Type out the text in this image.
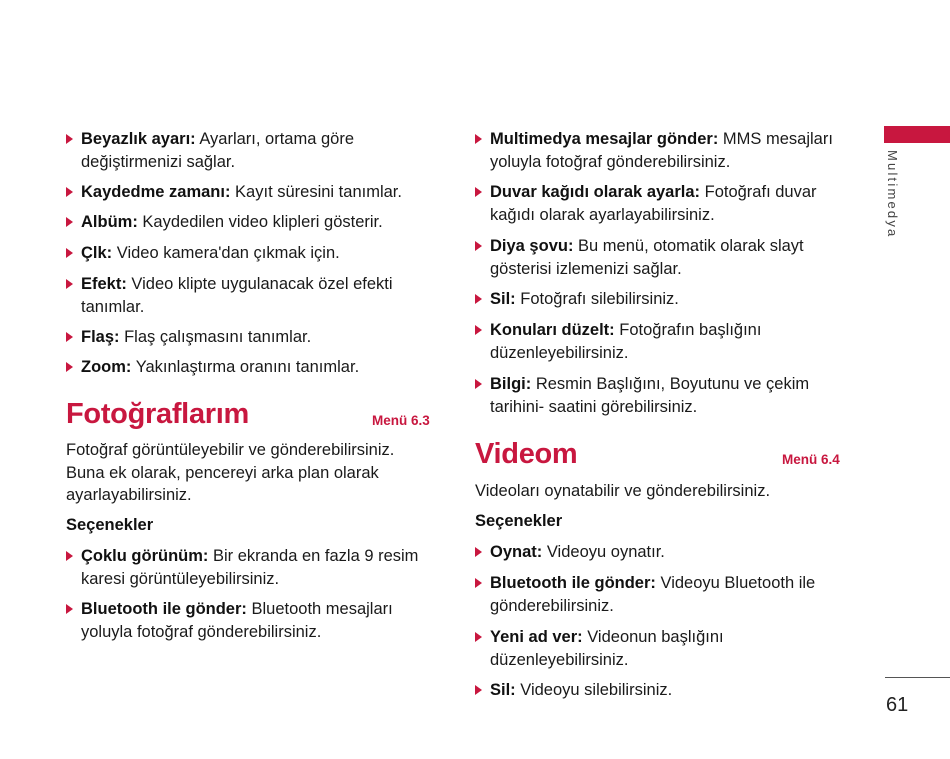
Beyazlık ayarı: Ayarları, ortama göre değiştirmenizi sağlar.
Kaydedme zamanı: Kayıt süresini tanımlar.
Albüm: Kaydedilen video klipleri gösterir.
Çlk: Video kamera'dan çıkmak için.
Efekt: Video klipte uygulanacak özel efekti tanımlar.
Flaş: Flaş çalışmasını tanımlar.
Zoom: Yakınlaştırma oranını tanımlar.
Fotoğraflarım	Menü 6.3
Fotoğraf görüntüleyebilir ve gönderebilirsiniz. Buna ek olarak, pencereyi arka plan olarak ayarlayabilirsiniz.
Seçenekler
Çoklu görünüm: Bir ekranda en fazla 9 resim karesi görüntüleyebilirsiniz.
Bluetooth ile gönder: Bluetooth mesajları yoluyla fotoğraf gönderebilirsiniz.
Multimedya mesajlar gönder: MMS mesajları yoluyla fotoğraf gönderebilirsiniz.
Duvar kağıdı olarak ayarla: Fotoğrafı duvar kağıdı olarak ayarlayabilirsiniz.
Diya şovu: Bu menü, otomatik olarak slayt gösterisi izlemenizi sağlar.
Sil: Fotoğrafı silebilirsiniz.
Konuları düzelt: Fotoğrafın başlığını düzenleyebilirsiniz.
Bilgi: Resmin Başlığını, Boyutunu ve çekim tarihini- saatini görebilirsiniz.
Videom	Menü 6.4
Videoları oynatabilir ve gönderebilirsiniz.
Seçenekler
Oynat: Videoyu oynatır.
Bluetooth ile gönder: Videoyu Bluetooth ile gönderebilirsiniz.
Yeni ad ver: Videonun başlığını düzenleyebilirsiniz.
Sil: Videoyu silebilirsiniz.
Multimedya
61
